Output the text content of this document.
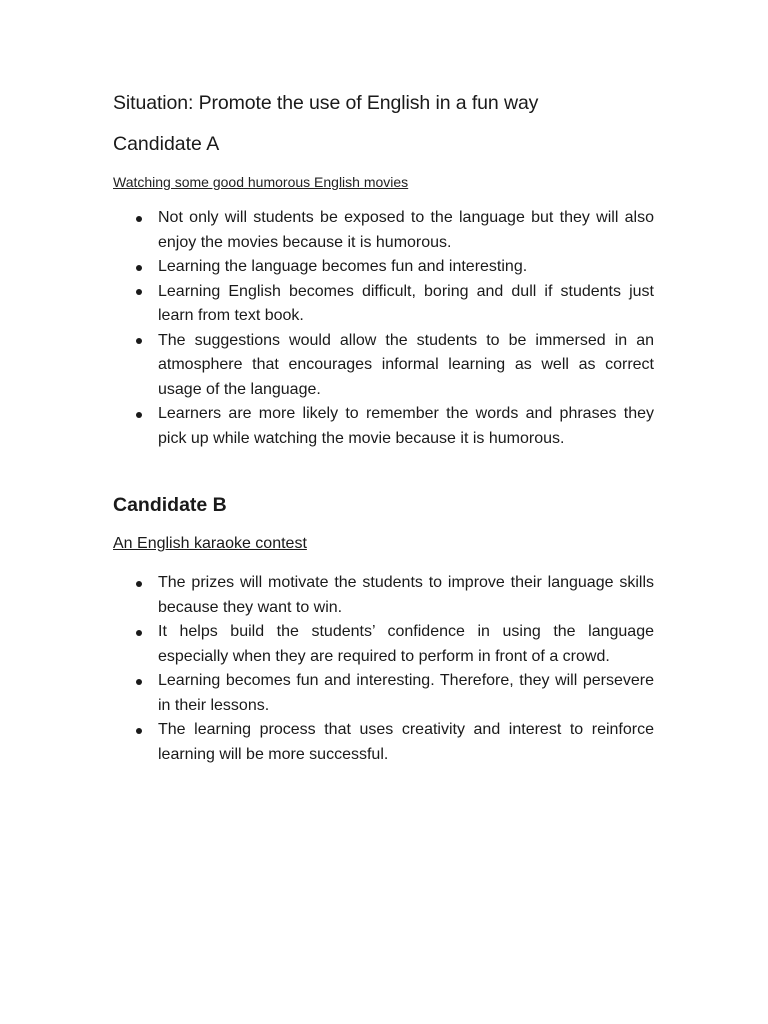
Situation: Promote the use of English in a fun way
Candidate A

Watching some good humorous English movies

Not only will students be exposed to the language but they will also enjoy the movies because it is humorous.
Learning the language becomes fun and interesting.
Learning English becomes difficult, boring and dull if students just learn from text book.
The suggestions would allow the students to be immersed in an atmosphere that encourages informal learning as well as correct usage of the language.
Learners are more likely to remember the words and phrases they pick up while watching the movie because it is humorous.
Candidate B

An English karaoke contest

The prizes will motivate the students to improve their language skills because they want to win.
It helps build the students’ confidence in using the language especially when they are required to perform in front of a crowd.
Learning becomes fun and interesting. Therefore, they will persevere in their lessons.
The learning process that uses creativity and interest to reinforce learning will be more successful.
